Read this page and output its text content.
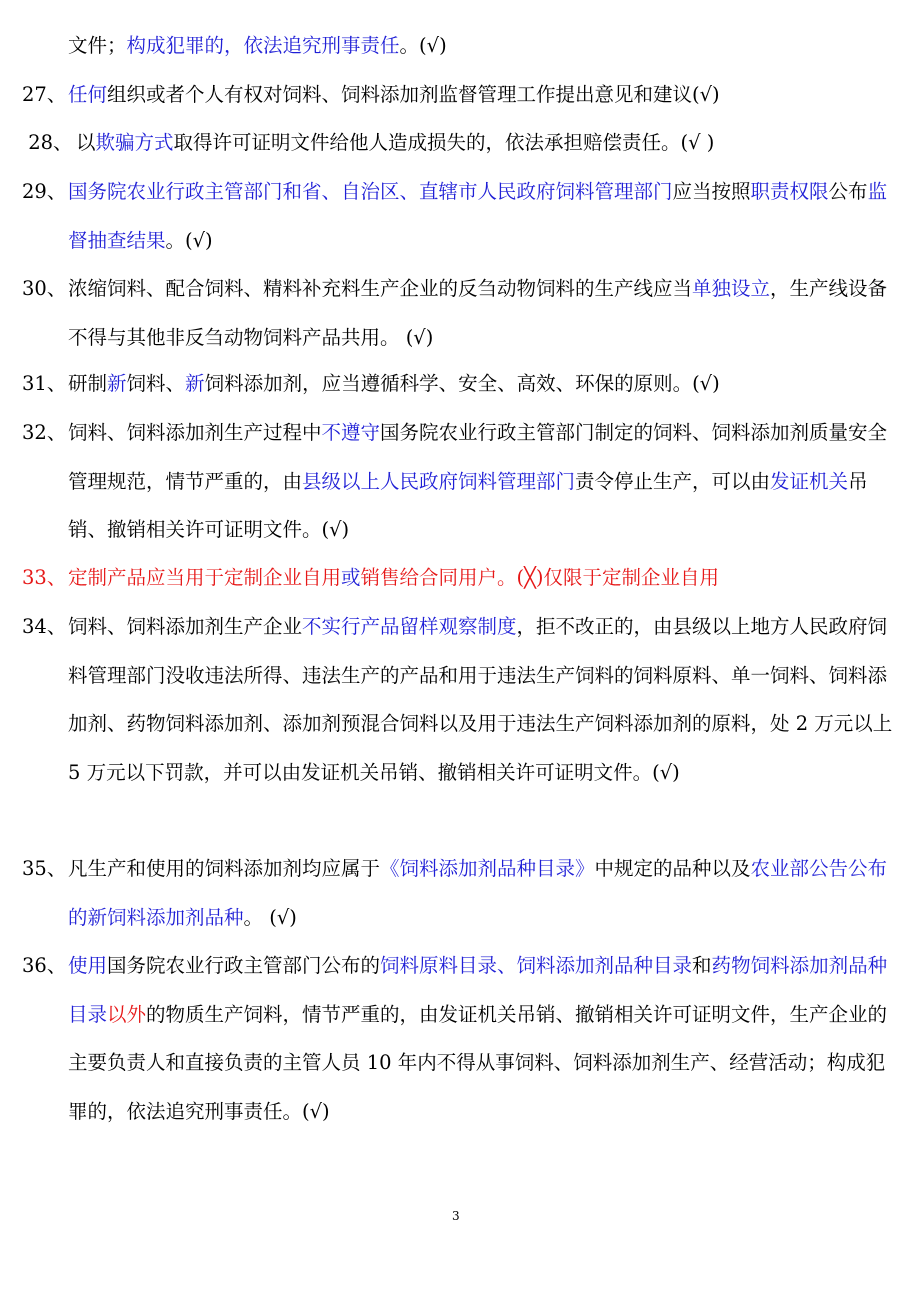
文件；构成犯罪的，依法追究刑事责任。(√)
27、 任何组织或者个人有权对饲料、饲料添加剂监督管理工作提出意见和建议(√)
28、 以欺骗方式取得许可证明文件给他人造成损失的，依法承担赔偿责任。(√ )
29、 国务院农业行政主管部门和省、自治区、直辖市人民政府饲料管理部门应当按照职责权限公布监督抽查结果。(√)
30、 浓缩饲料、配合饲料、精料补充料生产企业的反刍动物饲料的生产线应当单独设立，生产线设备不得与其他非反刍动物饲料产品共用。 (√)
31、 研制新饲料、新饲料添加剂，应当遵循科学、安全、高效、环保的原则。(√)
32、 饲料、饲料添加剂生产过程中不遵守国务院农业行政主管部门制定的饲料、饲料添加剂质量安全管理规范，情节严重的，由县级以上人民政府饲料管理部门责令停止生产，可以由发证机关吊销、撤销相关许可证明文件。(√)
33、 定制产品应当用于定制企业自用或销售给合同用户。(╳)仅限于定制企业自用
34、 饲料、饲料添加剂生产企业不实行产品留样观察制度，拒不改正的，由县级以上地方人民政府饲料管理部门没收违法所得、违法生产的产品和用于违法生产饲料的饲料原料、单一饲料、饲料添加剂、药物饲料添加剂、添加剂预混合饲料以及用于违法生产饲料添加剂的原料，处 2 万元以上 5 万元以下罚款，并可以由发证机关吊销、撤销相关许可证明文件。(√)
35、 凡生产和使用的饲料添加剂均应属于《饲料添加剂品种目录》中规定的品种以及农业部公告公布的新饲料添加剂品种。 (√)
36、 使用国务院农业行政主管部门公布的饲料原料目录、饲料添加剂品种目录和药物饲料添加剂品种目录以外的物质生产饲料，情节严重的，由发证机关吊销、撤销相关许可证明文件，生产企业的主要负责人和直接负责的主管人员 10 年内不得从事饲料、饲料添加剂生产、经营活动；构成犯罪的，依法追究刑事责任。(√)
3
